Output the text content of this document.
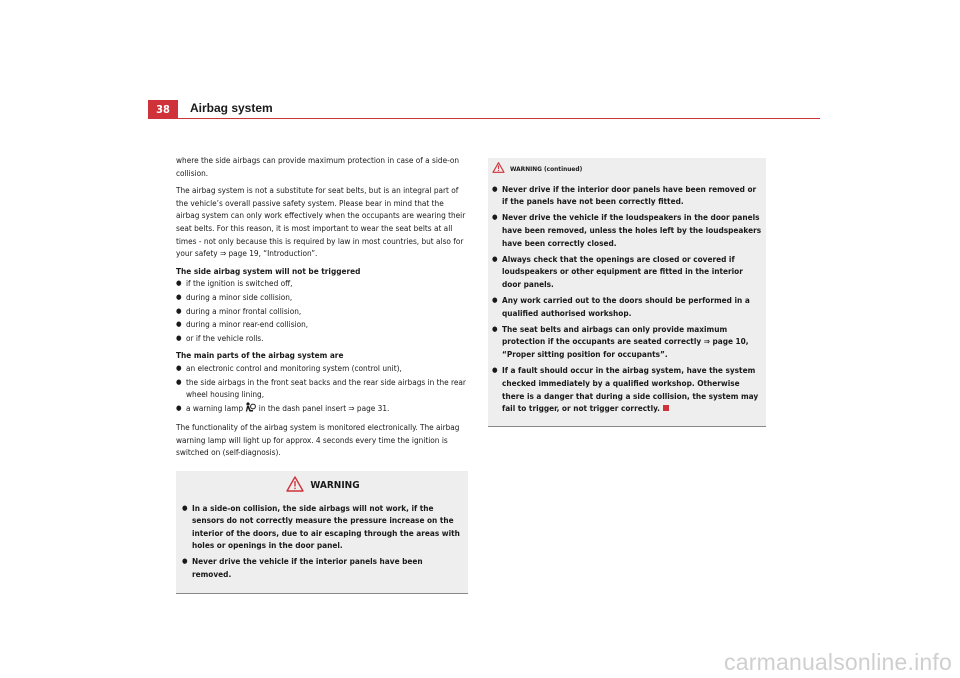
38	Airbag system

where the side airbags can provide maximum protection in case of a side-on collision.

The airbag system is not a substitute for seat belts, but is an integral part of the vehicle’s overall passive safety system. Please bear in mind that the airbag system can only work effectively when the occupants are wearing their seat belts. For this reason, it is most important to wear the seat belts at all times - not only because this is required by law in most countries, but also for your safety ⇒ page 19, “Introduction”.

The side airbag system will not be triggered

● if the ignition is switched off,
● during a minor side collision,
● during a minor frontal collision,
● during a minor rear-end collision,
● or if the vehicle rolls.

The main parts of the airbag system are

● an electronic control and monitoring system (control unit),
● the side airbags in the front seat backs and the rear side airbags in the rear wheel housing lining,
● a warning lamp in the dash panel insert ⇒ page 31.

The functionality of the airbag system is monitored electronically. The airbag warning lamp will light up for approx. 4 seconds every time the ignition is switched on (self-diagnosis).

WARNING
● In a side-on collision, the side airbags will not work, if the sensors do not correctly measure the pressure increase on the interior of the doors, due to air escaping through the areas with holes or openings in the door panel.
● Never drive the vehicle if the interior panels have been removed.
WARNING (continued)
● Never drive if the interior door panels have been removed or if the panels have not been correctly fitted.
● Never drive the vehicle if the loudspeakers in the door panels have been removed, unless the holes left by the loudspeakers have been correctly closed.
● Always check that the openings are closed or covered if loudspeakers or other equipment are fitted in the interior door panels.
● Any work carried out to the doors should be performed in a qualified authorised workshop.
● The seat belts and airbags can only provide maximum protection if the occupants are seated correctly ⇒ page 10, “Proper sitting position for occupants”.
● If a fault should occur in the airbag system, have the system checked immediately by a qualified workshop. Otherwise there is a danger that during a side collision, the system may fail to trigger, or not trigger correctly.
carmanualsonline.info
